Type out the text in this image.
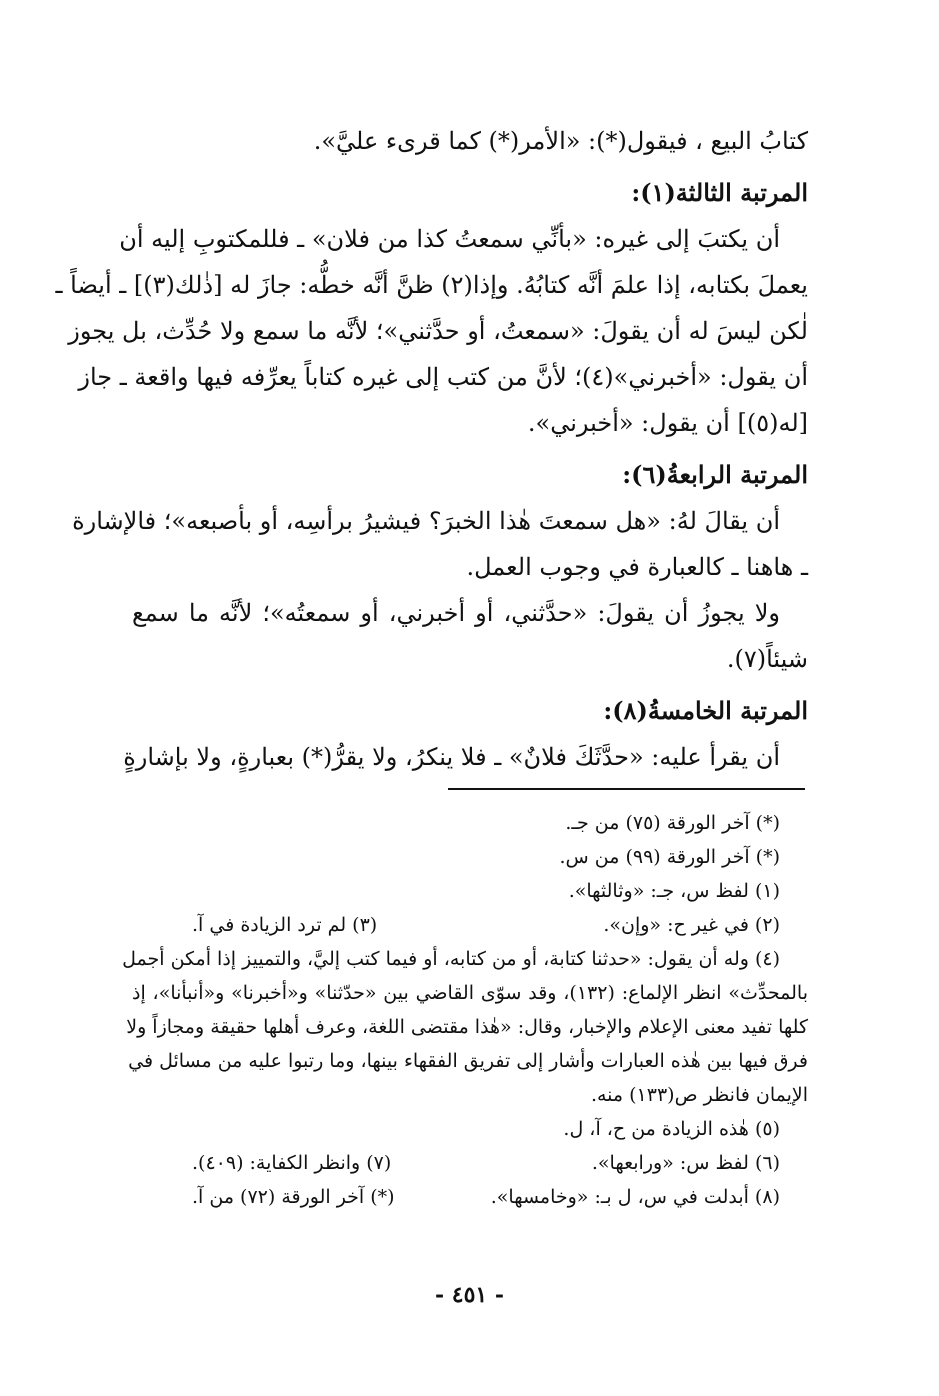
كتابُ البيع ، فيقول(*): «الأمر(*) كما قرىء عليَّ».
المرتبة الثالثة(١):
أن يكتبَ إلى غيره: «بأنِّي سمعتُ كذا من فلان» ـ فللمكتوبِ إليه أن
يعملَ بكتابه، إذا علمَ أنَّه كتابُهُ. وإذا(٢) ظنَّ أنَّه خطُّه: جازَ له [ذٰلك(٣)] ـ أيضاً ـ
لٰكن ليسَ له أن يقولَ: «سمعتُ، أو حدَّثني»؛ لأنَّه ما سمع ولا حُدِّث، بل يجوز
أن يقول: «أخبرني»(٤)؛ لأنَّ من كتب إلى غيره كتاباً يعرِّفه فيها واقعة ـ جاز
[له(٥)] أن يقول: «أخبرني».
المرتبة الرابعةُ(٦):
أن يقالَ لهُ: «هل سمعتَ هٰذا الخبرَ؟ فيشيرُ برأسِه، أو بأصبعه»؛ فالإشارة
ـ هاهنا ـ كالعبارة في وجوب العمل.
ولا يجوزُ أن يقولَ: «حدَّثني، أو أخبرني، أو سمعتُه»؛ لأنَّه ما سمع
شيئاً(٧).
المرتبة الخامسةُ(٨):
أن يقرأ عليه: «حدَّثَكَ فلانٌ» ـ فلا ينكرُ، ولا يقرُّ(*) بعبارةٍ، ولا بإشارةٍ
(*) آخر الورقة (٧٥) من جـ.
(*) آخر الورقة (٩٩) من س.
(١) لفظ س، جـ: «وثالثها».
(٢) في غير ح: «وإن».
(٣) لم ترد الزيادة في آ.
(٤) وله أن يقول: «حدثنا كتابة، أو من كتابه، أو فيما كتب إليَّ، والتمييز إذا أمكن أجمل
بالمحدِّث» انظر الإلماع: (١٣٢)، وقد سوّى القاضي بين «حدّثنا» و«أخبرنا» و«أنبأنا»، إذ
كلها تفيد معنى الإعلام والإخبار، وقال: «هٰذا مقتضى اللغة، وعرف أهلها حقيقة ومجازاً ولا
فرق فيها بين هٰذه العبارات وأشار إلى تفريق الفقهاء بينها، وما رتبوا عليه من مسائل في
الإيمان فانظر ص(١٣٣) منه.
(٥) هٰذه الزيادة من ح، آ، ل.
(٦) لفظ س: «ورابعها».
(٧) وانظر الكفاية: (٤٠٩).
(٨) أبدلت في س، ل بـ: «وخامسها».
(*) آخر الورقة (٧٢) من آ.
- ٤٥١ -
